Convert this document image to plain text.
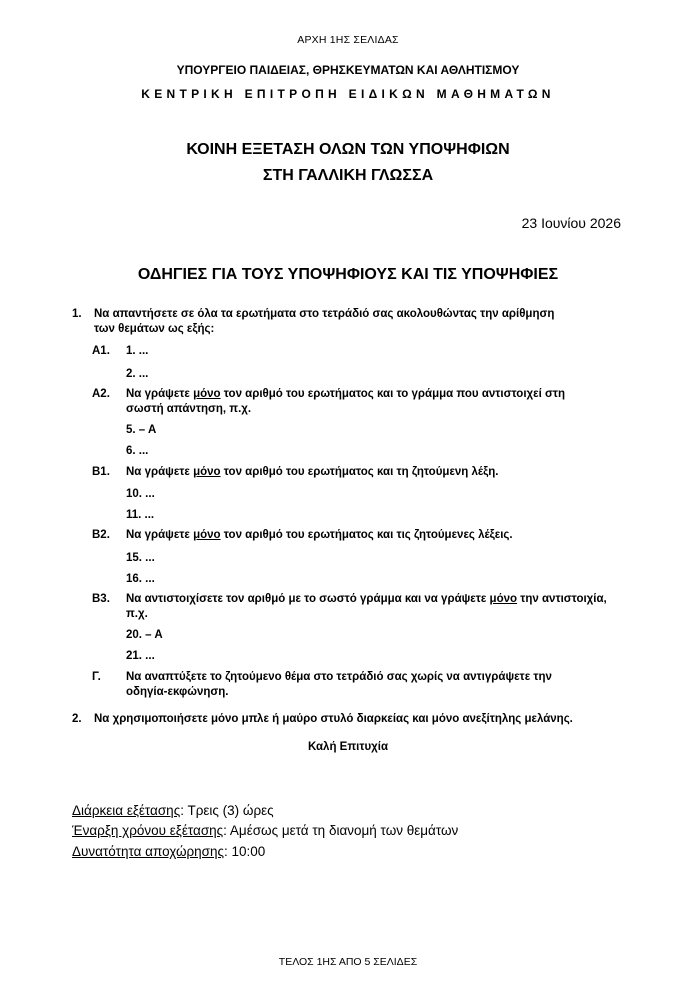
ΑΡΧΗ 1ΗΣ ΣΕΛΙΔΑΣ
ΥΠΟΥΡΓΕΙΟ ΠΑΙΔΕΙΑΣ, ΘΡΗΣΚΕΥΜΑΤΩΝ ΚΑΙ ΑΘΛΗΤΙΣΜΟΥ
ΚΕΝΤΡΙΚΗ ΕΠΙΤΡΟΠΗ ΕΙΔΙΚΩΝ ΜΑΘΗΜΑΤΩΝ
ΚΟΙΝΗ ΕΞΕΤΑΣΗ ΟΛΩΝ ΤΩΝ ΥΠΟΨΗΦΙΩΝ
ΣΤΗ ΓΑΛΛΙΚΗ ΓΛΩΣΣΑ
23 Ιουνίου 2026
ΟΔΗΓΙΕΣ ΓΙΑ ΤΟΥΣ ΥΠΟΨΗΦΙΟΥΣ ΚΑΙ ΤΙΣ ΥΠΟΨΗΦΙΕΣ
1.	Να απαντήσετε σε όλα τα ερωτήματα στο τετράδιό σας ακολουθώντας την αρίθμηση
των θεμάτων ως εξής:
Α1. 1. ...
2. ...
Α2. Να γράψετε μόνο τον αριθμό του ερωτήματος και το γράμμα που αντιστοιχεί στη
σωστή απάντηση, π.χ.
5. – Α
6. ...
Β1. Να γράψετε μόνο τον αριθμό του ερωτήματος και τη ζητούμενη λέξη.
10. ...
11. ...
Β2. Να γράψετε μόνο τον αριθμό του ερωτήματος και τις ζητούμενες λέξεις.
15. ...
16. ...
Β3. Να αντιστοιχίσετε τον αριθμό με το σωστό γράμμα και να γράψετε μόνο την αντιστοιχία,
π.χ.
20. – Α
21. ...
Γ. Να αναπτύξετε το ζητούμενο θέμα στο τετράδιό σας χωρίς να αντιγράψετε την
οδηγία-εκφώνηση.
2.	Να χρησιμοποιήσετε μόνο μπλε ή μαύρο στυλό διαρκείας και μόνο ανεξίτηλης μελάνης.
Καλή Επιτυχία
Διάρκεια εξέτασης: Τρεις (3) ώρες
Έναρξη χρόνου εξέτασης: Αμέσως μετά τη διανομή των θεμάτων
Δυνατότητα αποχώρησης: 10:00
ΤΕΛΟΣ 1ΗΣ ΑΠΟ 5 ΣΕΛΙΔΕΣ
